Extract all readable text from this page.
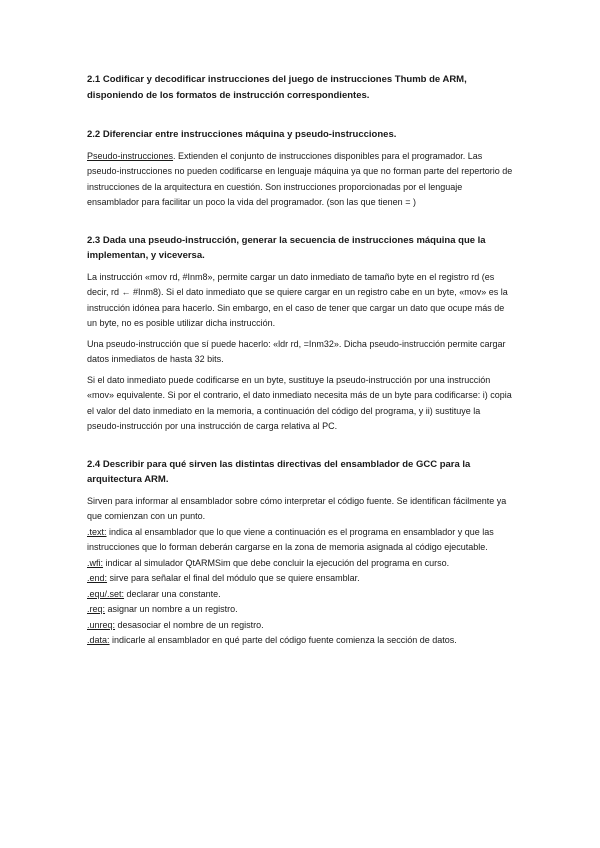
2.1 Codificar y decodificar instrucciones del juego de instrucciones Thumb de ARM, disponiendo de los formatos de instrucción correspondientes.

2.2 Diferenciar entre instrucciones máquina y pseudo-instrucciones.

Pseudo-instrucciones. Extienden el conjunto de instrucciones disponibles para el programador. Las pseudo-instrucciones no pueden codificarse en lenguaje máquina ya que no forman parte del repertorio de instrucciones de la arquitectura en cuestión. Son instrucciones proporcionadas por el lenguaje ensamblador para facilitar un poco la vida del programador. (son las que tienen = )

2.3 Dada una pseudo-instrucción, generar la secuencia de instrucciones máquina que la implementan, y viceversa.

La instrucción «mov rd, #Inm8», permite cargar un dato inmediato de tamaño byte en el registro rd (es decir, rd ← #Inm8). Si el dato inmediato que se quiere cargar en un registro cabe en un byte, «mov» es la instrucción idónea para hacerlo. Sin embargo, en el caso de tener que cargar un dato que ocupe más de un byte, no es posible utilizar dicha instrucción.

Una pseudo-instrucción que sí puede hacerlo: «ldr rd, =Inm32». Dicha pseudo-instrucción permite cargar datos inmediatos de hasta 32 bits.

Si el dato inmediato puede codificarse en un byte, sustituye la pseudo-instrucción por una instrucción «mov» equivalente. Si por el contrario, el dato inmediato necesita más de un byte para codificarse: i) copia el valor del dato inmediato en la memoria, a continuación del código del programa, y ii) sustituye la pseudo-instrucción por una instrucción de carga relativa al PC.

2.4 Describir para qué sirven las distintas directivas del ensamblador de GCC para la arquitectura ARM.

Sirven para informar al ensamblador sobre cómo interpretar el código fuente. Se identifican fácilmente ya que comienzan con un punto.

.text: indica al ensamblador que lo que viene a continuación es el programa en ensamblador y que las instrucciones que lo forman deberán cargarse en la zona de memoria asignada al código ejecutable.

.wfi: indicar al simulador QtARMSim que debe concluir la ejecución del programa en curso.

.end: sirve para señalar el final del módulo que se quiere ensamblar.

.equ/.set: declarar una constante.

.req: asignar un nombre a un registro.

.unreq: desasociar el nombre de un registro.

.data: indicarle al ensamblador en qué parte del código fuente comienza la sección de datos.
